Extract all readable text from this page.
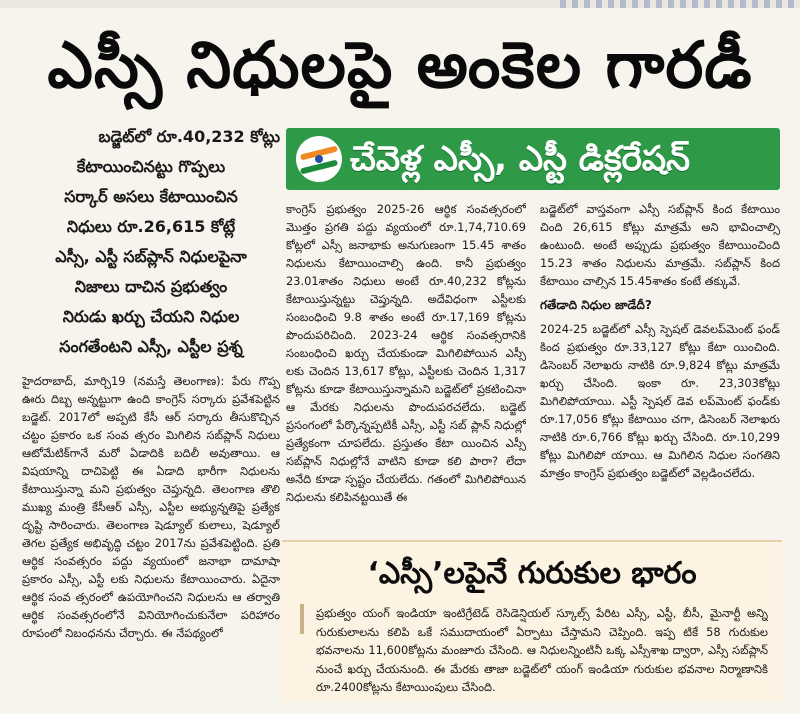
ఎస్సీ నిధులపై అంకెల గారడీ
బడ్జెట్‌లో రూ.40,232 కోట్లు
కేటాయించినట్టు గొప్పలు
సర్కార్ అసలు కేటాయించిన
నిధులు రూ.26,615 కోట్లే
ఎస్సీ, ఎస్టీ సబ్‌ప్లాన్ నిధులపైనా
నిజాలు దాచిన ప్రభుత్వం
నిరుడు ఖర్చు చేయని నిధుల
సంగతేంటని ఎస్సీ, ఎస్టీల ప్రశ్న
చేవెళ్ల ఎస్సీ, ఎస్టీ డిక్లరేషన్

హైదరాబాద్, మార్చి19 (నమస్తే తెలంగాణ): పేరు గొప్ప ఊరు దిబ్బ అన్నట్టుగా ఉంది కాంగ్రెస్ సర్కారు ప్రవేశపెట్టిన బడ్జెట్. 2017లో అప్పటి కేసీ ఆర్ సర్కారు తీసుకొచ్చిన చట్టం ప్రకారం ఒక సంవ త్సరం మిగిలిన సబ్‌ప్లాన్ నిధులు ఆటోమేటిక్‌గానే మరో ఏడాదికి బదిలీ అవుతాయి. ఆ విషయాన్ని దాచిపెట్టి ఈ ఏడాది భారీగా నిధులను కేటాయిస్తున్నా మని ప్రభుత్వం చెప్తున్నది. తెలంగాణ తొలి ముఖ్య మంత్రి కేసీఆర్ ఎస్సీ, ఎస్టీల అభ్యున్నతిపై ప్రత్యేక దృష్టి సారించారు. తెలంగాణ షెడ్యూల్ కులాలు, షెడ్యూల్ తెగల ప్రత్యేక అభివృద్ధి చట్టం 2017ను ప్రవేశపెట్టింది. ప్రతి ఆర్థిక సంవత్సరం పద్దు వ్యయంలో జనాభా దామాషా ప్రకారం ఎస్సీ, ఎస్టీ లకు నిధులను కేటాయించారు. ఏదైనా ఆర్థిక సంవ త్సరంలో ఉపయోగించని నిధులను ఆ తర్వాతి ఆర్థిక సంవత్సరంలోనే వినియోగించుకునేలా పరిహారం రూపంలో నిబంధనను చేర్చారు. ఈ నేపథ్యంలో

కాంగ్రెస్ ప్రభుత్వం 2025-26 ఆర్థిక సంవత్సరంలో మొత్తం ప్రగతి పద్దు వ్యయంలో రూ.1,74,710.69 కోట్లలో ఎస్సీ జనాభాకు అనుగుణంగా 15.45 శాతం నిధులను కేటాయించాల్సి ఉంది. కానీ ప్రభుత్వం 23.01శాతం నిధులు అంటే రూ.40,232 కోట్లను కేటాయిస్తున్నట్టు చెప్తున్నది. అదేవిధంగా ఎస్టీలకు సంబంధించి 9.8 శాతం అంటే రూ.17,169 కోట్లను పొందుపరిచింది. 2023-24 ఆర్థిక సంవత్సరానికి సంబంధించి ఖర్చు చేయకుండా మిగిలిపోయిన ఎస్సీ లకు చెందిన 13,617 కోట్లు, ఎస్టీలకు చెందిన 1,317 కోట్లను కూడా కేటాయిస్తున్నామని బడ్జెట్‌లో ప్రకటించినా ఆ మేరకు నిధులను పొందుపరచలేదు. బడ్జెట్ ప్రసంగంలో పేర్కొన్నప్పటికీ ఎస్సీ, ఎస్టీ సబ్ ప్లాన్ నిధుల్లో ప్రత్యేకంగా చూపలేదు. ప్రస్తుతం కేటా యించిన ఎస్సీ సబ్‌ప్లాన్ నిధుల్లోనే వాటిని కూడా కలి పారా? లేదా అనేది కూడా స్పష్టం చేయలేదు. గతంలో మిగిలిపోయిన నిధులను కలిపినట్టయితే ఈ

బడ్జెట్‌లో వాస్తవంగా ఎస్సీ సబ్‌ప్లాన్ కింద కేటాయిం చింది 26,615 కోట్లు మాత్రమే అని భావించాల్సి ఉంటుంది. అంటే అప్పుడు ప్రభుత్వం కేటాయించింది 15.23 శాతం నిధులను మాత్రమే. సబ్‌ప్లాన్ కింద కేటాయిం చాల్సిన 15.45శాతం కంటే తక్కువే.

గతేడాది నిధుల జాడేదీ?

2024-25 బడ్జెట్‌లో ఎస్సీ స్పెషల్ డెవలప్‌మెంట్ ఫండ్ కింద ప్రభుత్వం రూ.33,127 కోట్లు కేటా యించింది. డిసెంబర్ నెలాఖరు నాటికి రూ.9,824 కోట్లు మాత్రమే ఖర్చు చేసింది. ఇంకా రూ. 23,303కోట్లు మిగిలిపోయాయి. ఎస్టీ స్పెషల్ డెవ లప్‌మెంట్ ఫండ్‌కు రూ.17,056 కోట్లు కేటాయిం చగా, డిసెంబర్ నెలాఖరు నాటికి రూ.6,766 కోట్లు ఖర్చు చేసింది. రూ.10,299 కోట్లు మిగిలిపో యాయి. ఆ మిగిలిన నిధుల సంగతిని మాత్రం కాంగ్రెస్ ప్రభుత్వం బడ్జెట్‌లో వెల్లడించలేదు.

‘ఎస్సీ’లపైనే గురుకుల భారం
ప్రభుత్వం యంగ్ ఇండియా ఇంటిగ్రేటెడ్ రెసిడెన్షియల్ స్కూల్స్ పేరిట ఎస్సీ, ఎస్టీ, బీసీ, మైనార్టీ అన్ని గురుకులాలను కలిపి ఒకే సముదాయంలో ఏర్పాటు చేస్తామని చెప్పింది. ఇప్ప టికే 58 గురుకుల భవనాలను 11,600కోట్లను మంజూరు చేసింది. ఆ నిధులన్నింటినీ ఒక్క ఎస్సీశాఖ ద్వారా, ఎస్సీ సబ్‌ప్లాన్ నుంచే ఖర్చు చేయనుంది. ఈ మేరకు తాజా బడ్జెట్‌లో యంగ్ ఇండియా గురుకుల భవనాల నిర్మాణానికి రూ.2400కోట్లను కేటాయింపులు చేసింది.
